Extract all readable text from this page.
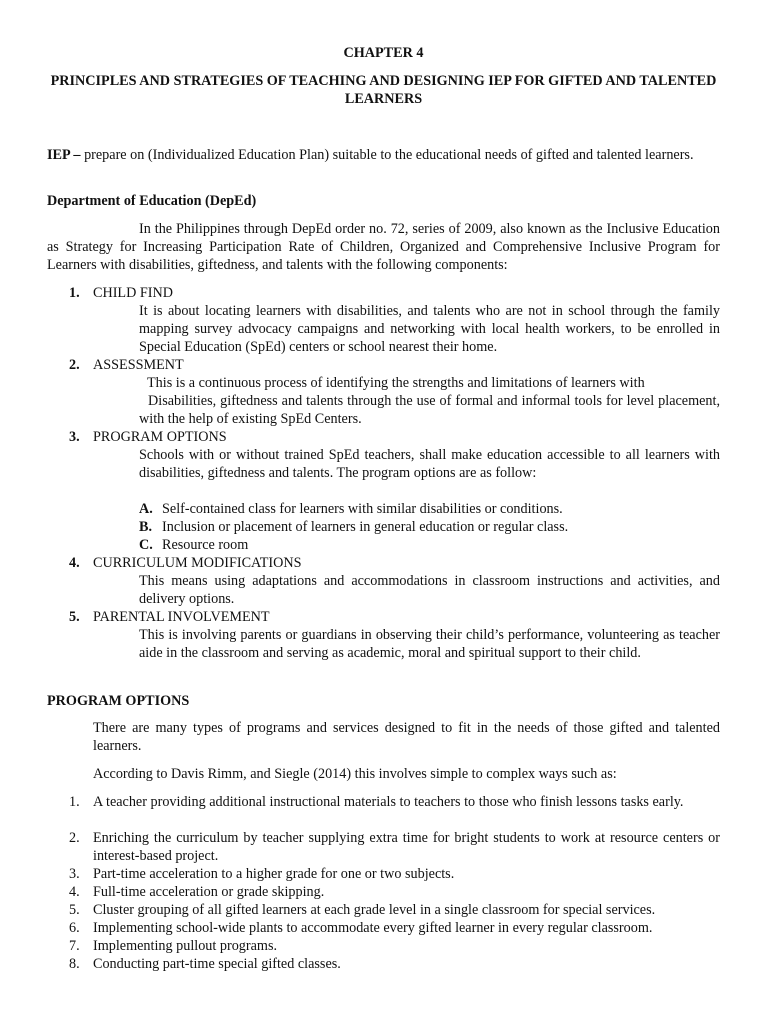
CHAPTER 4
PRINCIPLES AND STRATEGIES OF TEACHING AND DESIGNING IEP FOR GIFTED AND TALENTED LEARNERS
IEP – prepare on (Individualized Education Plan) suitable to the educational needs of gifted and talented learners.
Department of Education (DepEd)
In the Philippines through DepEd order no. 72, series of 2009, also known as the Inclusive Education as Strategy for Increasing Participation Rate of Children, Organized and Comprehensive Inclusive Program for Learners with disabilities, giftedness, and talents with the following components:
1. CHILD FIND
It is about locating learners with disabilities, and talents who are not in school through the family mapping survey advocacy campaigns and networking with local health workers, to be enrolled in Special Education (SpEd) centers or school nearest their home.
2. ASSESSMENT
This is a continuous process of identifying the strengths and limitations of learners with
Disabilities, giftedness and talents through the use of formal and informal tools for level placement, with the help of existing SpEd Centers.
3. PROGRAM OPTIONS
Schools with or without trained SpEd teachers, shall make education accessible to all learners with disabilities, giftedness and talents. The program options are as follow:
A. Self-contained class for learners with similar disabilities or conditions.
B. Inclusion or placement of learners in general education or regular class.
C. Resource room
4. CURRICULUM MODIFICATIONS
This means using adaptations and accommodations in classroom instructions and activities, and delivery options.
5. PARENTAL INVOLVEMENT
This is involving parents or guardians in observing their child’s performance, volunteering as teacher aide in the classroom and serving as academic, moral and spiritual support to their child.
PROGRAM OPTIONS
There are many types of programs and services designed to fit in the needs of those gifted and talented learners.
According to Davis Rimm, and Siegle (2014) this involves simple to complex ways such as:
1. A teacher providing additional instructional materials to teachers to those who finish lessons tasks early.
2. Enriching the curriculum by teacher supplying extra time for bright students to work at resource centers or interest-based project.
3. Part-time acceleration to a higher grade for one or two subjects.
4. Full-time acceleration or grade skipping.
5. Cluster grouping of all gifted learners at each grade level in a single classroom for special services.
6. Implementing school-wide plants to accommodate every gifted learner in every regular classroom.
7. Implementing pullout programs.
8. Conducting part-time special gifted classes.
